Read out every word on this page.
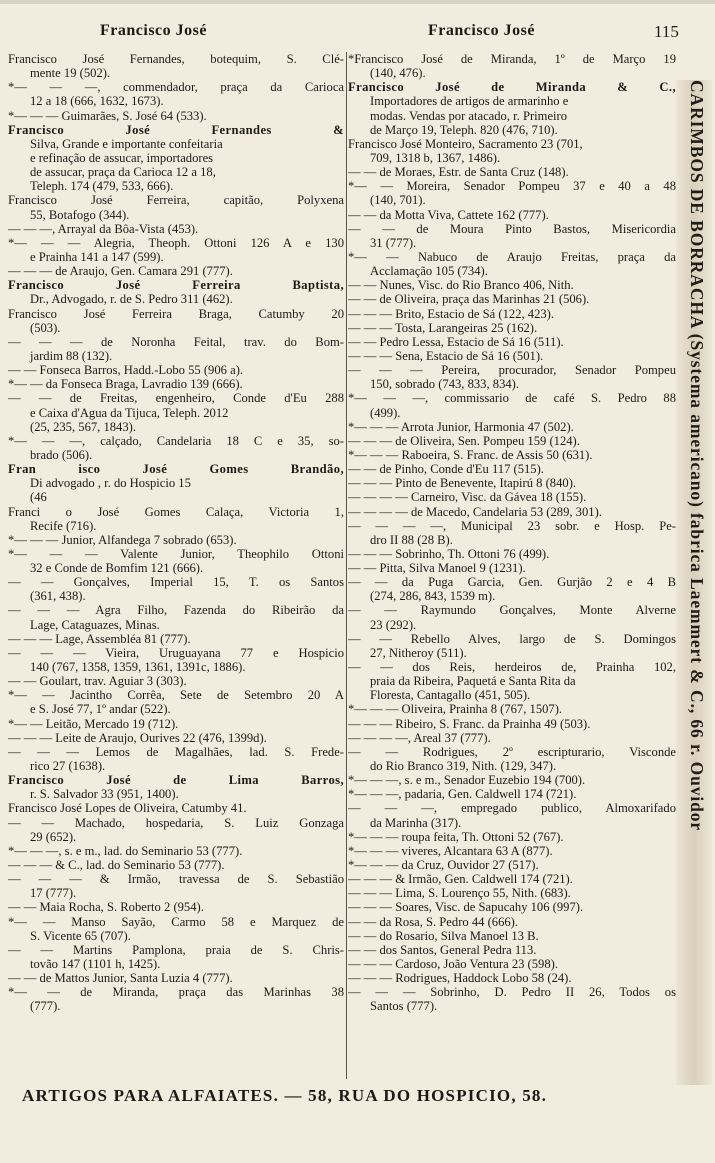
Francisco José	Francisco José	115
Francisco José Fernandes, botequim, S. Clé-
mente 19 (502).
*— — —, commendador, praça da Carioca
12 a 18 (666, 1632, 1673).
*— — — Guimarães, S. José 64 (533).
Francisco José Fernandes &
Silva, Grande e importante confeitaria
e refinação de assucar, importadores
de assucar, praça da Carioca 12 a 18,
Teleph. 174 (479, 533, 666).
Francisco José Ferreira, capitão, Polyxena
55, Botafogo (344).
— — —, Arrayal da Bôa-Vista (453).
*— — — Alegria, Theoph. Ottoni 126 A e 130
e Prainha 141 a 147 (599).
— — — de Araujo, Gen. Camara 291 (777).
Francisco José Ferreira Baptista,
Dr., Advogado, r. de S. Pedro 311 (462).
Francisco José Ferreira Braga, Catumby 20
(503).
— — — de Noronha Feital, trav. do Bom-
jardim 88 (132).
— — Fonseca Barros, Hadd.-Lobo 55 (906 a).
*— — da Fonseca Braga, Lavradio 139 (666).
— — de Freitas, engenheiro, Conde d'Eu 288
e Caixa d'Agua da Tijuca, Teleph. 2012
(25, 235, 567, 1843).
*— — —, calçado, Candelaria 18 C e 35, so-
brado (506).
Fran isco José Gomes Brandão,
Di advogado , r. do Hospicio 15
(46
Franci o José Gomes Calaça, Victoria 1,
Recife (716).
*— — — Junior, Alfandega 7 sobrado (653).
*— — — Valente Junior, Theophilo Ottoni
32 e Conde de Bomfim 121 (666).
— — Gonçalves, Imperial 15, T. os Santos
(361, 438).
— — — Agra Filho, Fazenda do Ribeirão da
Lage, Cataguazes, Minas.
— — — Lage, Assembléa 81 (777).
— — — Vieira, Uruguayana 77 e Hospicio
140 (767, 1358, 1359, 1361, 1391c, 1886).
— — Goulart, trav. Aguiar 3 (303).
*— — Jacintho Corrêa, Sete de Setembro 20 A
e S. José 77, 1º andar (522).
*— — Leitão, Mercado 19 (712).
— — — Leite de Araujo, Ourives 22 (476, 1399d).
— — — Lemos de Magalhães, lad. S. Frede-
rico 27 (1638).
Francisco José de Lima Barros,
r. S. Salvador 33 (951, 1400).
Francisco José Lopes de Oliveira, Catumby 41.
— — Machado, hospedaria, S. Luiz Gonzaga
29 (652).
*— — —, s. e m., lad. do Seminario 53 (777).
— — — & C., lad. do Seminario 53 (777).
— — — & Irmão, travessa de S. Sebastião
17 (777).
— — Maia Rocha, S. Roberto 2 (954).
*— — Manso Sayão, Carmo 58 e Marquez de
S. Vicente 65 (707).
— — Martins Pamplona, praia de S. Chris-
tovão 147 (1101 h, 1425).
— — de Mattos Junior, Santa Luzia 4 (777).
*— — de Miranda, praça das Marinhas 38
(777).
*Francisco José de Miranda, 1º de Março 19
(140, 476).
Francisco José de Miranda & C.,
Importadores de artigos de armarinho e
modas. Vendas por atacado, r. Primeiro
de Março 19, Teleph. 820 (476, 710).
Francisco José Monteiro, Sacramento 23 (701,
709, 1318 b, 1367, 1486).
— — de Moraes, Estr. de Santa Cruz (148).
*— — Moreira, Senador Pompeu 37 e 40 a 48
(140, 701).
— — da Motta Viva, Cattete 162 (777).
— — de Moura Pinto Bastos, Misericordia
31 (777).
*— — Nabuco de Araujo Freitas, praça da
Acclamação 105 (734).
— — Nunes, Visc. do Rio Branco 406, Nith.
— — de Oliveira, praça das Marinhas 21 (506).
— — — Brito, Estacio de Sá (122, 423).
— — — Tosta, Larangeiras 25 (162).
— — Pedro Lessa, Estacio de Sá 16 (511).
— — — Sena, Estacio de Sá 16 (501).
— — — Pereira, procurador, Senador Pompeu
150, sobrado (743, 833, 834).
*— — —, commissario de café S. Pedro 88
(499).
*— — — Arrota Junior, Harmonia 47 (502).
— — — de Oliveira, Sen. Pompeu 159 (124).
*— — — Raboeira, S. Franc. de Assis 50 (631).
— — de Pinho, Conde d'Eu 117 (515).
— — — Pinto de Benevente, Itapirú 8 (840).
— — — — Carneiro, Visc. da Gávea 18 (155).
— — — — de Macedo, Candelaria 53 (289, 301).
— — — —, Municipal 23 sobr. e Hosp. Pe-
dro II 88 (28 B).
— — — Sobrinho, Th. Ottoni 76 (499).
— — Pitta, Silva Manoel 9 (1231).
— — da Puga Garcia, Gen. Gurjão 2 e 4 B
(274, 286, 843, 1539 m).
— — Raymundo Gonçalves, Monte Alverne
23 (292).
— — Rebello Alves, largo de S. Domingos
27, Nitheroy (511).
— — dos Reis, herdeiros de, Prainha 102,
praia da Ribeira, Paquetá e Santa Rita da
Floresta, Cantagallo (451, 505).
*— — — Oliveira, Prainha 8 (767, 1507).
— — — Ribeiro, S. Franc. da Prainha 49 (503).
— — — —, Areal 37 (777).
— — Rodrigues, 2º escripturario, Visconde
do Rio Branco 319, Nith. (129, 347).
*— — —, s. e m., Senador Euzebio 194 (700).
*— — —, padaria, Gen. Caldwell 174 (721).
— — —, empregado publico, Almoxarifado
da Marinha (317).
*— — — roupa feita, Th. Ottoni 52 (767).
*— — — viveres, Alcantara 63 A (877).
*— — — da Cruz, Ouvidor 27 (517).
— — — & Irmão, Gen. Caldwell 174 (721).
— — — Lima, S. Lourenço 55, Nith. (683).
— — — Soares, Visc. de Sapucahy 106 (997).
— — da Rosa, S. Pedro 44 (666).
— — do Rosario, Silva Manoel 13 B.
— — dos Santos, General Pedra 113.
— — — Cardoso, João Ventura 23 (598).
— — — Rodrigues, Haddock Lobo 58 (24).
— — — Sobrinho, D. Pedro II 26, Todos os
Santos (777).
CARIMBOS DE BORRACHA (Systema americano) fabrica Laemmert & C., 66 r. Ouvidor
ARTIGOS PARA ALFAIATES. — 58, RUA DO HOSPICIO, 58.
